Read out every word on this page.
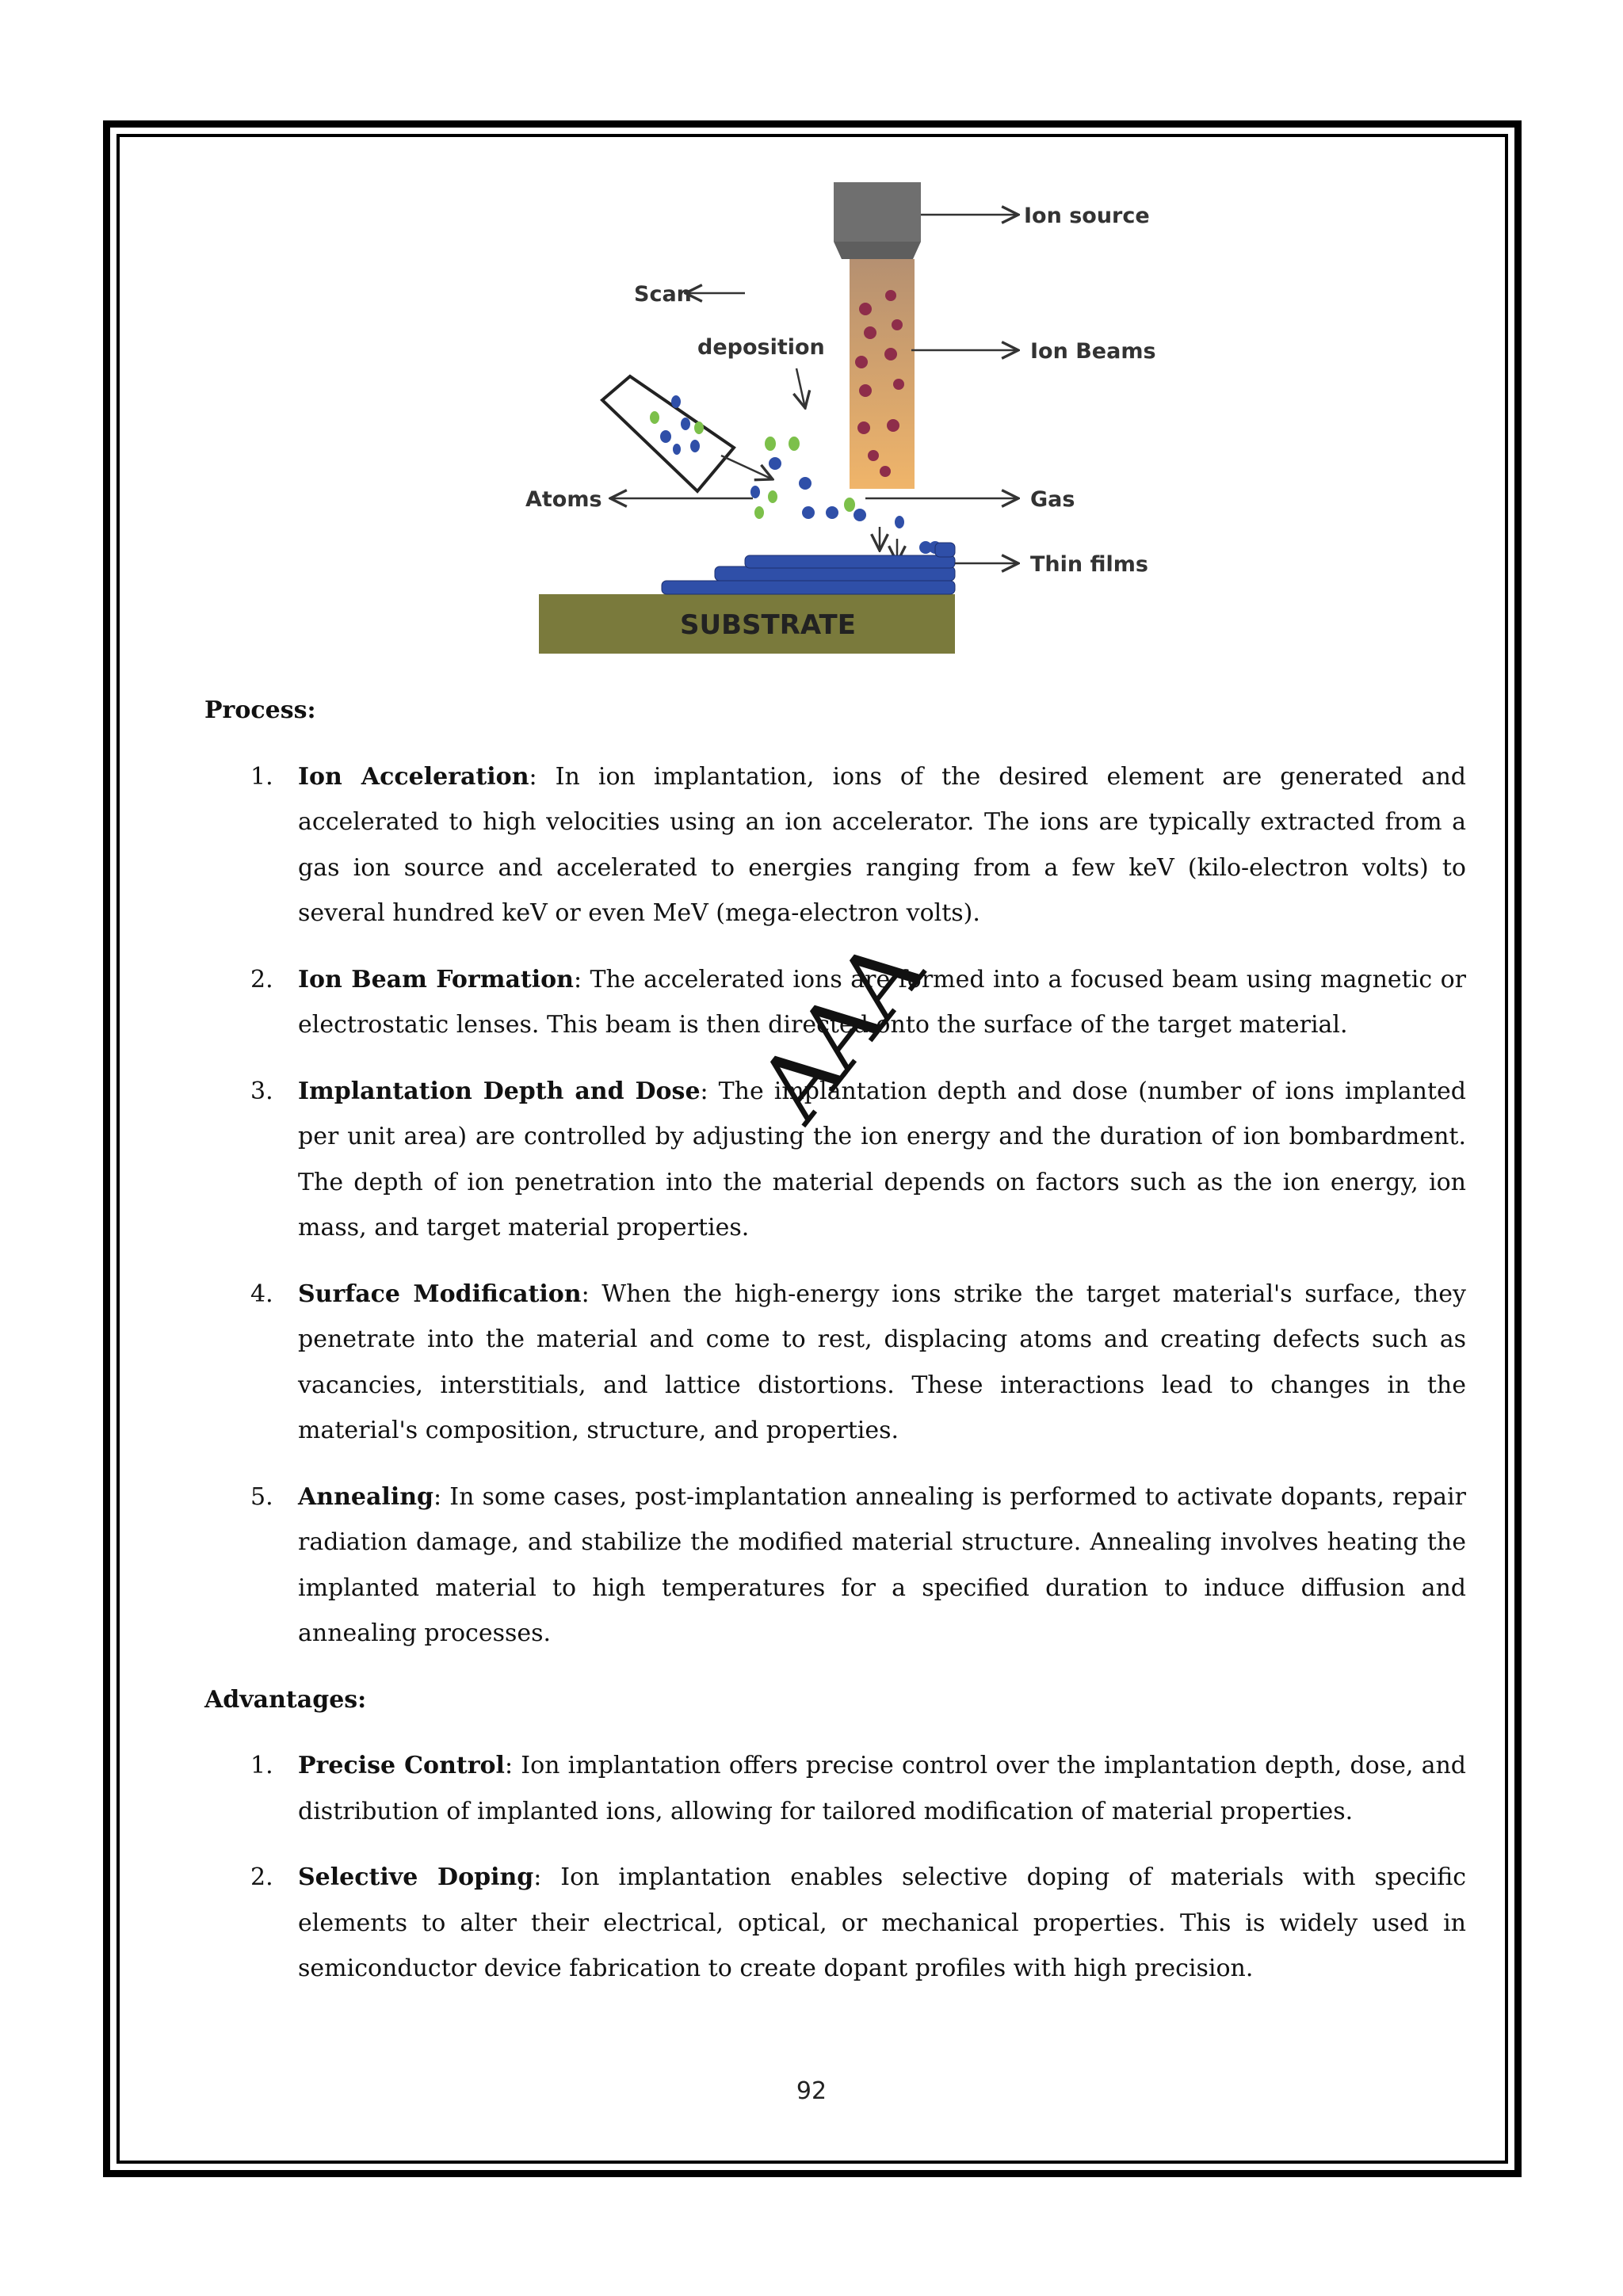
Ion source
Scan
deposition	Ion Beams
Atoms	Gas
Thin films
SUBSTRATE
Process:
1. Ion Acceleration: In ion implantation, ions of the desired element are generated and accelerated to high velocities using an ion accelerator. The ions are typically extracted from a gas ion source and accelerated to energies ranging from a few keV (kilo-electron volts) to several hundred keV or even MeV (mega-electron volts).
2. Ion Beam Formation: The accelerated ions are formed into a focused beam using magnetic or electrostatic lenses. This beam is then directed onto the surface of the target material.
3. Implantation Depth and Dose: The implantation depth and dose (number of ions implanted per unit area) are controlled by adjusting the ion energy and the duration of ion bombardment. The depth of ion penetration into the material depends on factors such as the ion energy, ion mass, and target material properties.
4. Surface Modification: When the high-energy ions strike the target material's surface, they penetrate into the material and come to rest, displacing atoms and creating defects such as vacancies, interstitials, and lattice distortions. These interactions lead to changes in the material's composition, structure, and properties.
5. Annealing: In some cases, post-implantation annealing is performed to activate dopants, repair radiation damage, and stabilize the modified material structure. Annealing involves heating the implanted material to high temperatures for a specified duration to induce diffusion and annealing processes.
Advantages:
1. Precise Control: Ion implantation offers precise control over the implantation depth, dose, and distribution of implanted ions, allowing for tailored modification of material properties.
2. Selective Doping: Ion implantation enables selective doping of materials with specific elements to alter their electrical, optical, or mechanical properties. This is widely used in semiconductor device fabrication to create dopant profiles with high precision.
AAA
92
